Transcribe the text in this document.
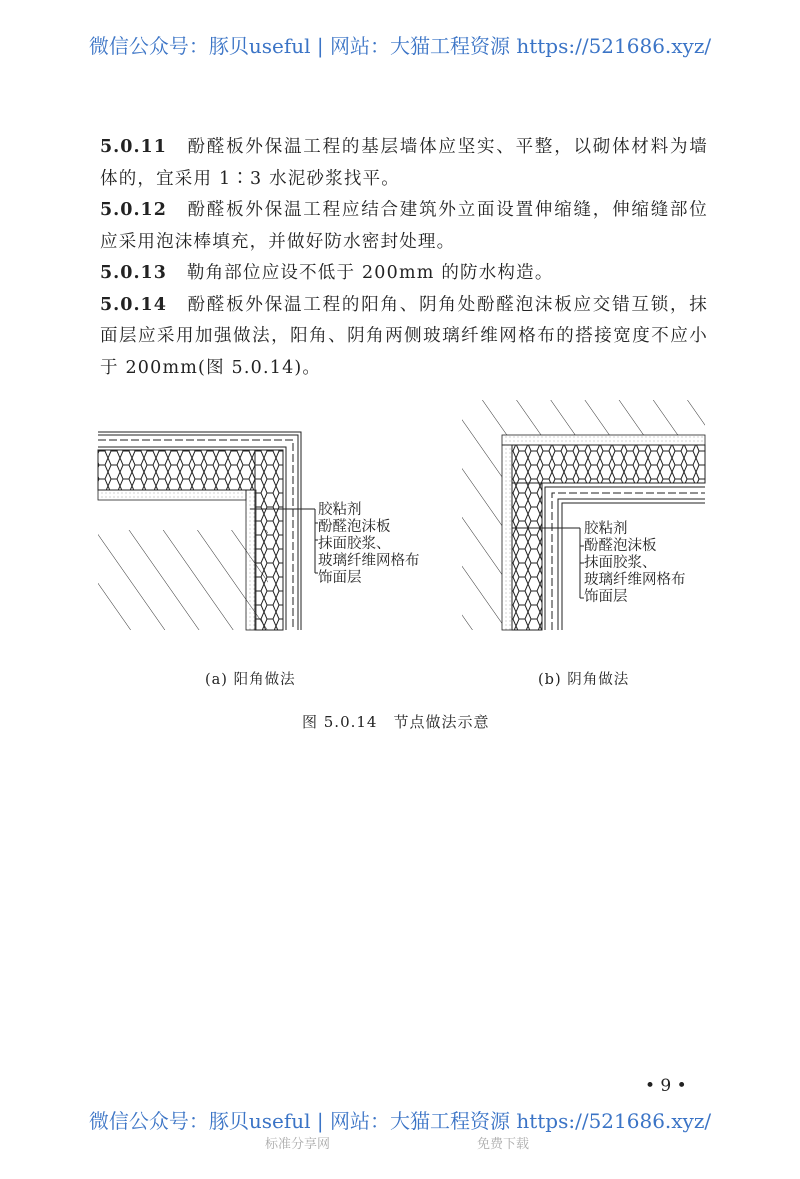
微信公众号：豚贝useful | 网站：大猫工程资源 https://521686.xyz/

5.0.11 酚醛板外保温工程的基层墙体应坚实、平整，以砌体材料为墙体的，宜采用 1∶3 水泥砂浆找平。

5.0.12 酚醛板外保温工程应结合建筑外立面设置伸缩缝，伸缩缝部位应采用泡沫棒填充，并做好防水密封处理。

5.0.13 勒角部位应设不低于 200mm 的防水构造。

5.0.14 酚醛板外保温工程的阳角、阴角处酚醛泡沫板应交错互锁，抹面层应采用加强做法，阳角、阴角两侧玻璃纤维网格布的搭接宽度不应小于 200mm(图 5.0.14)。

胶粘剂
酚醛泡沫板
抹面胶浆、
玻璃纤维网格布
饰面层
胶粘剂
酚醛泡沫板
抹面胶浆、
玻璃纤维网格布
饰面层
(a) 阳角做法	(b) 阴角做法
图 5.0.14　节点做法示意
• 9 •
微信公众号：豚贝useful | 网站：大猫工程资源 https://521686.xyz/
标准分享网	免费下载
